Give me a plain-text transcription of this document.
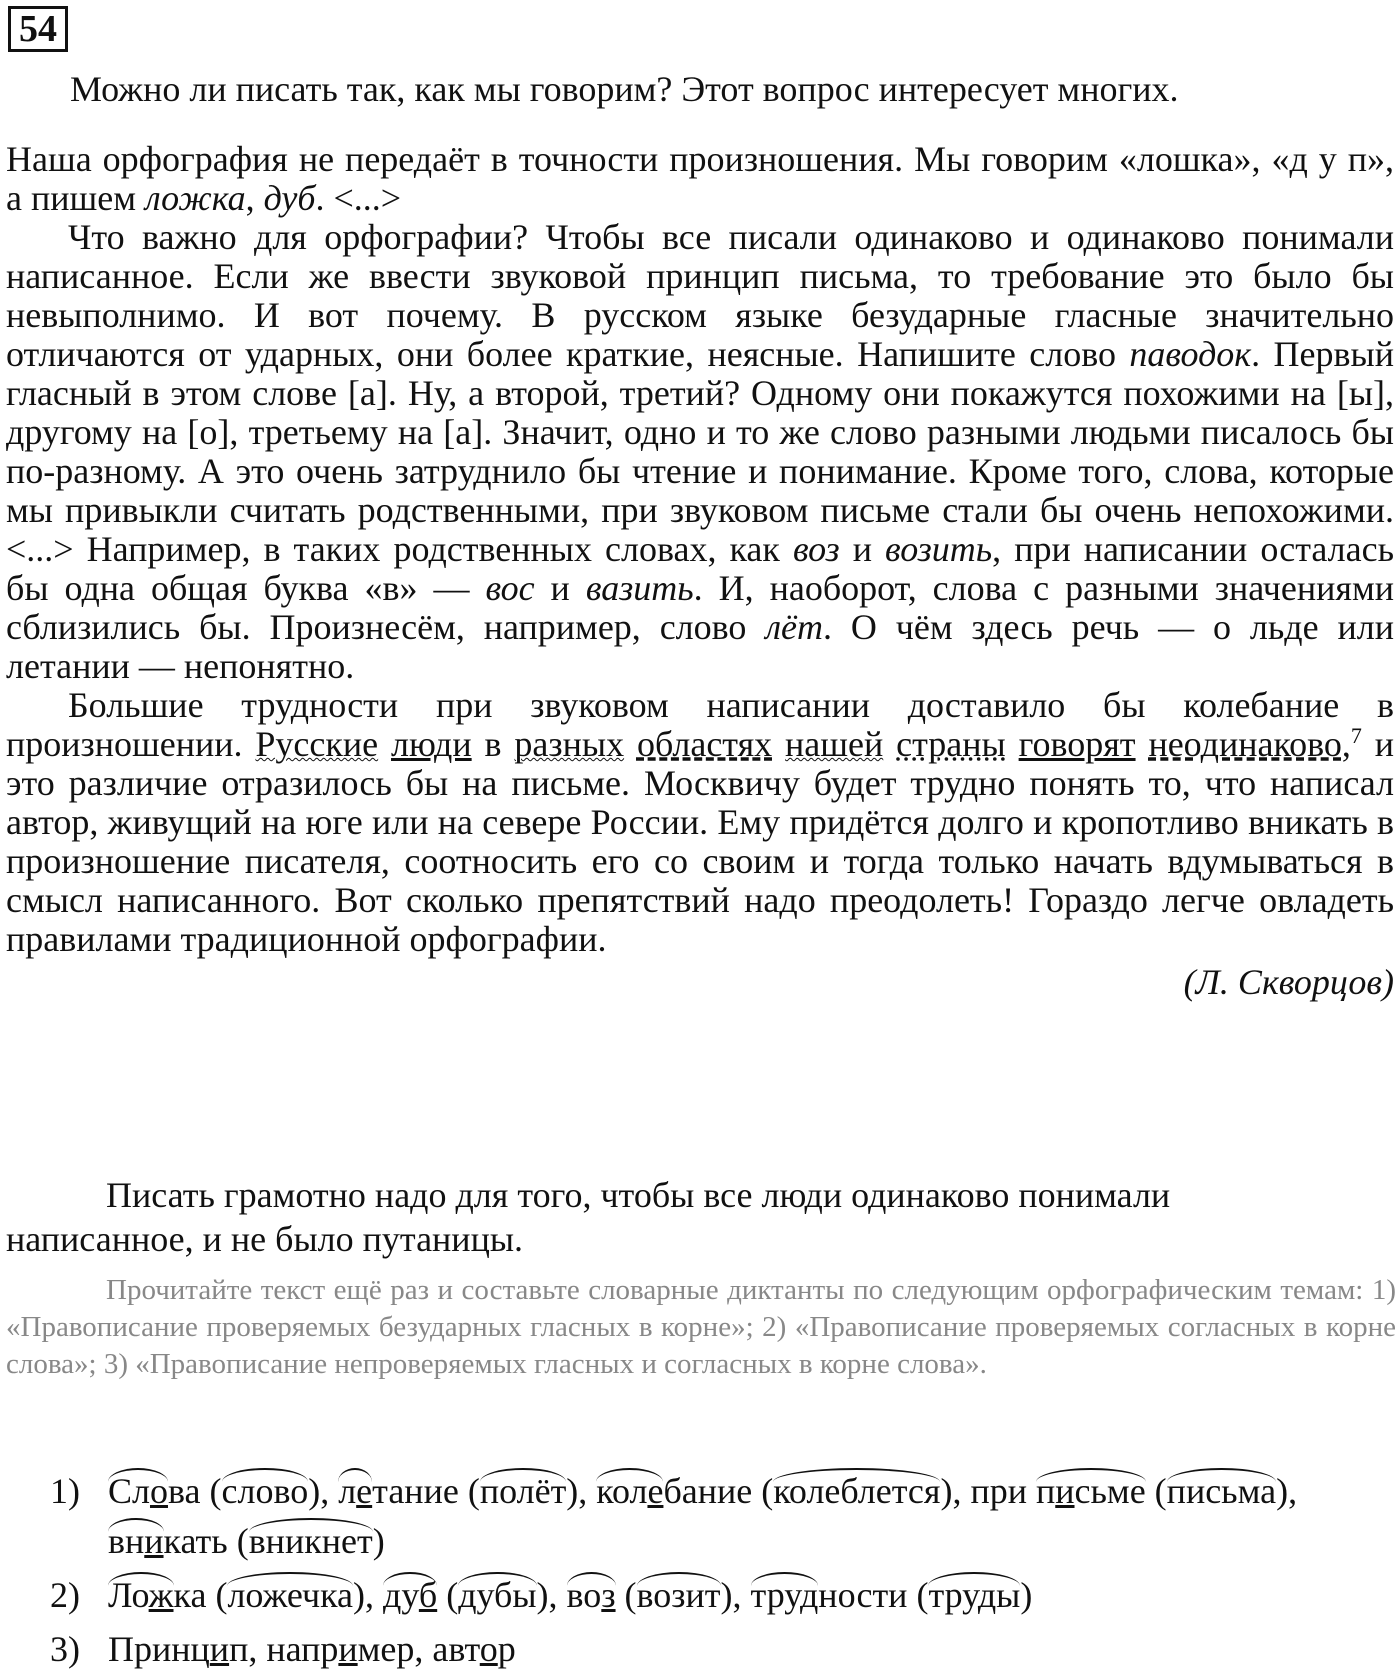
54
Можно ли писать так, как мы говорим? Этот вопрос интересует многих.

Наша орфография не передаёт в точности произношения. Мы говорим «лошка», «д у п», а пишем ложка, дуб. <...>

Что важно для орфографии? Чтобы все писали одинаково и одинаково понимали написанное. Если же ввести звуковой принцип письма, то требование это было бы невыполнимо. И вот почему. В русском языке безударные гласные значительно отличаются от ударных, они более краткие, неясные. Напишите слово паводок. Первый гласный в этом слове [а]. Ну, а второй, третий? Одному они покажутся похожими на [ы], другому на [о], третьему на [а]. Значит, одно и то же слово разными людьми писалось бы по-разному. А это очень затруднило бы чтение и понимание. Кроме того, слова, которые мы привыкли считать родственными, при звуковом письме стали бы очень непохожими. <...> Например, в таких родственных словах, как воз и возить, при написании осталась бы одна общая буква «в» — вос и вазить. И, наоборот, слова с разными значениями сблизились бы. Произнесём, например, слово лёт. О чём здесь речь — о льде или летании — непонятно.

Большие трудности при звуковом написании доставило бы колебание в произношении. Русские люди в разных областях нашей страны говорят неодинаково,$^7$ и это различие отразилось бы на письме. Москвичу будет трудно понять то, что написал автор, живущий на юге или на севере России. Ему придётся долго и кропотливо вникать в произношение писателя, соотносить его со своим и тогда только начать вдумываться в смысл написанного. Вот сколько препятствий надо преодолеть! Гораздо легче овладеть правилами традиционной орфографии.

(Л. Скворцов)

Писать грамотно надо для того, чтобы все люди одинаково понимали написанное, и не было путаницы.
Прочитайте текст ещё раз и составьте словарные диктанты по следующим орфографическим темам: 1) «Правописание проверяемых безударных гласных в корне»; 2) «Правописание проверяемых согласных в корне слова»; 3) «Правописание непроверяемых гласных и согласных в корне слова».
1) Слова (слово), летание (полёт), колебание (колеблется), при письме (письма), вникать (вникнет)
2) Ложка (ложечка), дуб (дубы), воз (возит), трудности (труды)
3) Принцип, например, автор
